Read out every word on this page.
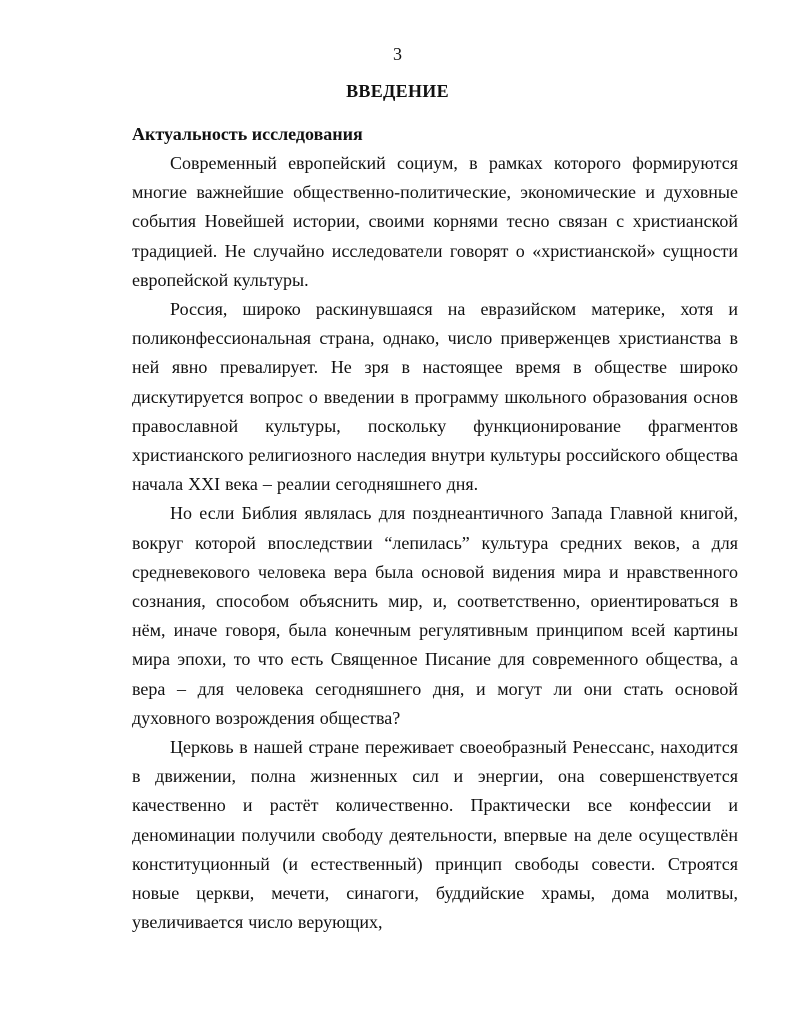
3
ВВЕДЕНИЕ
Актуальность исследования

Современный европейский социум, в рамках которого формируются многие важнейшие общественно-политические, экономические и духовные события Новейшей истории, своими корнями тесно связан с христианской традицией. Не случайно исследователи говорят о «христианской» сущности европейской культуры.

Россия, широко раскинувшаяся на евразийском материке, хотя и поликонфессиональная страна, однако, число приверженцев христианства в ней явно превалирует. Не зря в настоящее время в обществе широко дискутируется вопрос о введении в программу школьного образования основ православной культуры, поскольку функционирование фрагментов христианского религиозного наследия внутри культуры российского общества начала XXI века – реалии сегодняшнего дня.

Но если Библия являлась для позднеантичного Запада Главной книгой, вокруг которой впоследствии “лепилась” культура средних веков, а для средневекового человека вера была основой видения мира и нравственного сознания, способом объяснить мир, и, соответственно, ориентироваться в нём, иначе говоря, была конечным регулятивным принципом всей картины мира эпохи, то что есть Священное Писание для современного общества, а вера – для человека сегодняшнего дня, и могут ли они стать основой духовного возрождения общества?

Церковь в нашей стране переживает своеобразный Ренессанс, находится в движении, полна жизненных сил и энергии, она совершенствуется качественно и растёт количественно. Практически все конфессии и деноминации получили свободу деятельности, впервые на деле осуществлён конституционный (и естественный) принцип свободы совести. Строятся новые церкви, мечети, синагоги, буддийские храмы, дома молитвы, увеличивается число верующих,
